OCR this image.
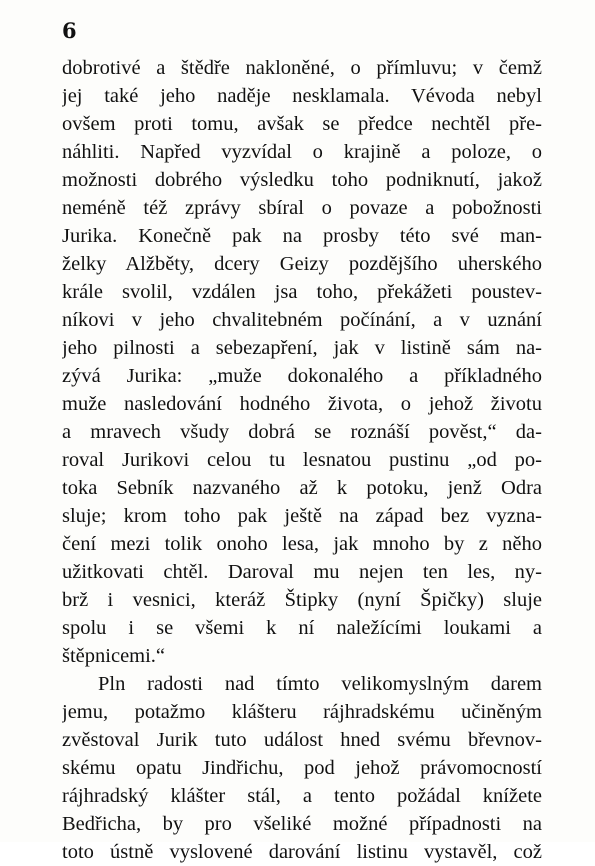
6
dobrotivé a štědře nakloněné, o přímluvu; v čemž
jej také jeho naděje nesklamala. Vévoda nebyl
ovšem proti tomu, avšak se předce nechtěl pře-
náhliti. Napřed vyzvídal o krajině a poloze, o
možnosti dobrého výsledku toho podniknutí, jakož
neméně též zprávy sbíral o povaze a pobožnosti
Jurika. Konečně pak na prosby této své man-
želky Alžběty, dcery Geizy pozdějšího uherského
krále svolil, vzdálen jsa toho, překážeti poustev-
níkovi v jeho chvalitebném počínání, a v uznání
jeho pilnosti a sebezapření, jak v listině sám na-
zývá Jurika: „muže dokonalého a příkladného
muže nasledování hodného života, o jehož životu
a mravech všudy dobrá se roznáší pověst,“ da-
roval Jurikovi celou tu lesnatou pustinu „od po-
toka Sebník nazvaného až k potoku, jenž Odra
sluje; krom toho pak ještě na západ bez vyzna-
čení mezi tolik onoho lesa, jak mnoho by z něho
užitkovati chtěl. Daroval mu nejen ten les, ny-
brž i vesnici, kteráž Štipky (nyní Špičky) sluje
spolu i se všemi k ní naležícími loukami a
štěpnicemi.“
Pln radosti nad tímto velikomyslným darem
jemu, potažmo klášteru rájhradskému učiněným
zvěstoval Jurik tuto událost hned svému břevnov-
skému opatu Jindřichu, pod jehož právomocností
rájhradský klášter stál, a tento požádal knížete
Bedřicha, by pro všeliké možné případnosti na
toto ústně vyslovené darování listinu vystavěl, což
